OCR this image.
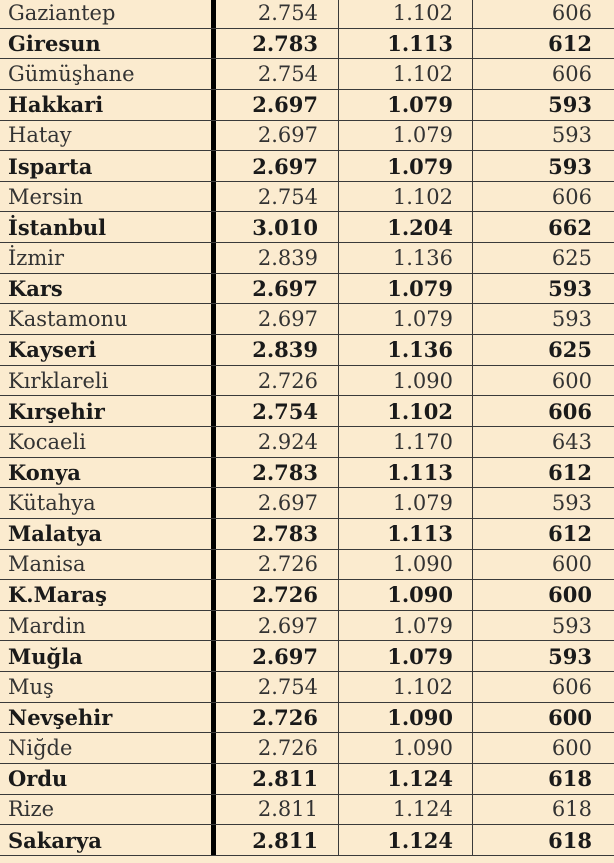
Gaziantep	2.754	1.102	606
Giresun	2.783	1.113	612
Gümüşhane	2.754	1.102	606
Hakkari	2.697	1.079	593
Hatay	2.697	1.079	593
Isparta	2.697	1.079	593
Mersin	2.754	1.102	606
İstanbul	3.010	1.204	662
İzmir	2.839	1.136	625
Kars	2.697	1.079	593
Kastamonu	2.697	1.079	593
Kayseri	2.839	1.136	625
Kırklareli	2.726	1.090	600
Kırşehir	2.754	1.102	606
Kocaeli	2.924	1.170	643
Konya	2.783	1.113	612
Kütahya	2.697	1.079	593
Malatya	2.783	1.113	612
Manisa	2.726	1.090	600
K.Maraş	2.726	1.090	600
Mardin	2.697	1.079	593
Muğla	2.697	1.079	593
Muş	2.754	1.102	606
Nevşehir	2.726	1.090	600
Niğde	2.726	1.090	600
Ordu	2.811	1.124	618
Rize	2.811	1.124	618
Sakarya	2.811	1.124	618
